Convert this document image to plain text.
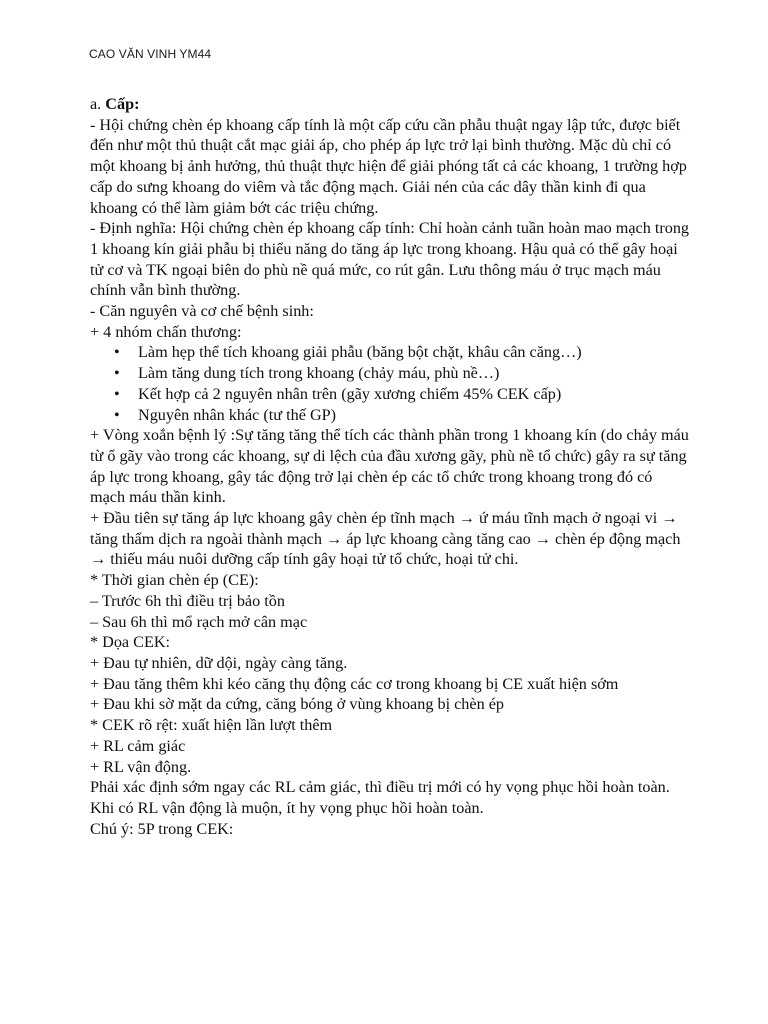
CAO VĂN VINH YM44

a. Cấp:

- Hội chứng chèn ép khoang cấp tính là một cấp cứu cần phẫu thuật ngay lập tức, được biết đến như một thủ thuật cắt mạc giải áp, cho phép áp lực trở lại bình thường. Mặc dù chỉ có một khoang bị ảnh hưởng, thủ thuật thực hiện để giải phóng tất cả các khoang, 1 trường hợp cấp do sưng khoang do viêm và tắc động mạch. Giải nén của các dây thần kinh đi qua khoang có thể làm giảm bớt các triệu chứng.

- Định nghĩa: Hội chứng chèn ép khoang cấp tính: Chỉ hoàn cảnh tuần hoàn mao mạch trong 1 khoang kín giải phẫu bị thiểu năng do tăng áp lực trong khoang. Hậu quả có thể gây hoại tử cơ và TK ngoại biên do phù nề quá mức, co rút gân. Lưu thông máu ở trục mạch máu chính vẫn bình thường.

- Căn nguyên và cơ chế bệnh sinh:

+ 4 nhóm chấn thương:

• Làm hẹp thể tích khoang giải phẫu (băng bột chặt, khâu cân căng…)
• Làm tăng dung tích trong khoang (chảy máu, phù nề…)
• Kết hợp cả 2 nguyên nhân trên (gãy xương chiếm 45% CEK cấp)
• Nguyên nhân khác (tư thế GP)

+ Vòng xoắn bệnh lý :Sự tăng tăng thể tích các thành phần trong 1 khoang kín (do chảy máu từ ổ gãy vào trong các khoang, sự di lệch của đầu xương gãy, phù nề tổ chức) gây ra sự tăng áp lực trong khoang, gây tác động trở lại chèn ép các tổ chức trong khoang trong đó có mạch máu thần kinh.

+ Đầu tiên sự tăng áp lực khoang gây chèn ép tĩnh mạch → ứ máu tĩnh mạch ở ngoại vi → tăng thẩm dịch ra ngoài thành mạch → áp lực khoang càng tăng cao → chèn ép động mạch → thiếu máu nuôi dưỡng cấp tính gây hoại tử tổ chức, hoại tử chi.

* Thời gian chèn ép (CE):

– Trước 6h thì điều trị bảo tồn

– Sau 6h thì mổ rạch mở cân mạc

* Dọa CEK:

+ Đau tự nhiên, dữ dội, ngày càng tăng.

+ Đau tăng thêm khi kéo căng thụ động các cơ trong khoang bị CE xuất hiện sớm

+ Đau khi sờ mặt da cứng, căng bóng ở vùng khoang bị chèn ép

* CEK rõ rệt: xuất hiện lần lượt thêm

+ RL cảm giác

+ RL vận động.

Phải xác định sớm ngay các RL cảm giác, thì điều trị mới có hy vọng phục hồi hoàn toàn. Khi có RL vận động là muộn, ít hy vọng phục hồi hoàn toàn.

Chú ý: 5P trong CEK:
